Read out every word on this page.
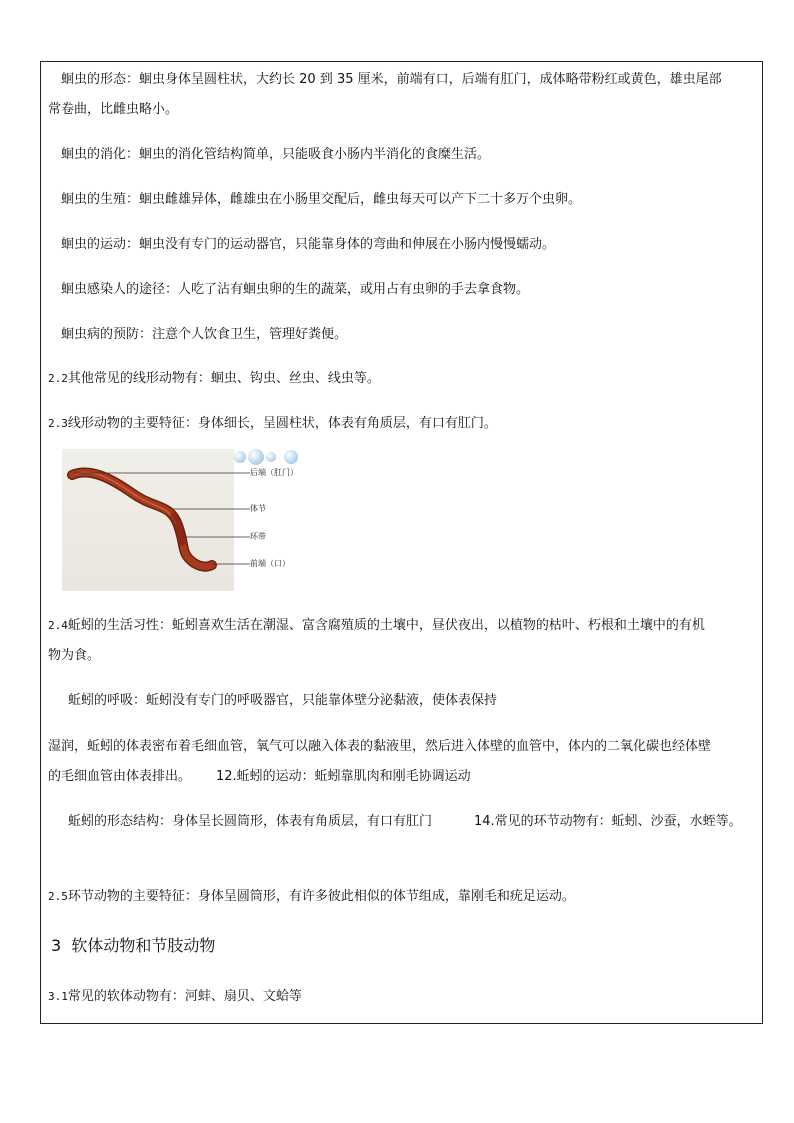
蛔虫的形态：蛔虫身体呈圆柱状，大约长 20 到 35 厘米，前端有口，后端有肛门，成体略带粉红或黄色，雄虫尾部
常卷曲，比雌虫略小。
蛔虫的消化：蛔虫的消化管结构简单，只能吸食小肠内半消化的食糜生活。
蛔虫的生殖：蛔虫雌雄异体，雌雄虫在小肠里交配后，雌虫每天可以产下二十多万个虫卵。
蛔虫的运动：蛔虫没有专门的运动器官，只能靠身体的弯曲和伸展在小肠内慢慢蠕动。
蛔虫感染人的途径：人吃了沾有蛔虫卵的生的蔬菜，或用占有虫卵的手去拿食物。
蛔虫病的预防：注意个人饮食卫生，管理好粪便。
2.2其他常见的线形动物有：蛔虫、钩虫、丝虫、线虫等。
2.3线形动物的主要特征：身体细长，呈圆柱状，体表有角质层，有口有肛门。
后端（肛门）
体节
环带
前端（口）
2.4蚯蚓的生活习性：蚯蚓喜欢生活在潮湿、富含腐殖质的土壤中，昼伏夜出，以植物的枯叶、朽根和土壤中的有机
物为食。
蚯蚓的呼吸：蚯蚓没有专门的呼吸器官，只能靠体壁分泌黏液，使体表保持
湿润，蚯蚓的体表密布着毛细血管，氧气可以融入体表的黏液里，然后进入体壁的血管中，体内的二氧化碳也经体壁
的毛细血管由体表排出。 12.蚯蚓的运动：蚯蚓靠肌肉和刚毛协调运动
蚯蚓的形态结构：身体呈长圆筒形，体表有角质层，有口有肛门	14.常见的环节动物有：蚯蚓、沙蚕，水蛭等。
2.5环节动物的主要特征：身体呈圆筒形，有许多彼此相似的体节组成，靠刚毛和疣足运动。
3 软体动物和节肢动物
3.1常见的软体动物有：河蚌、扇贝、文蛤等
